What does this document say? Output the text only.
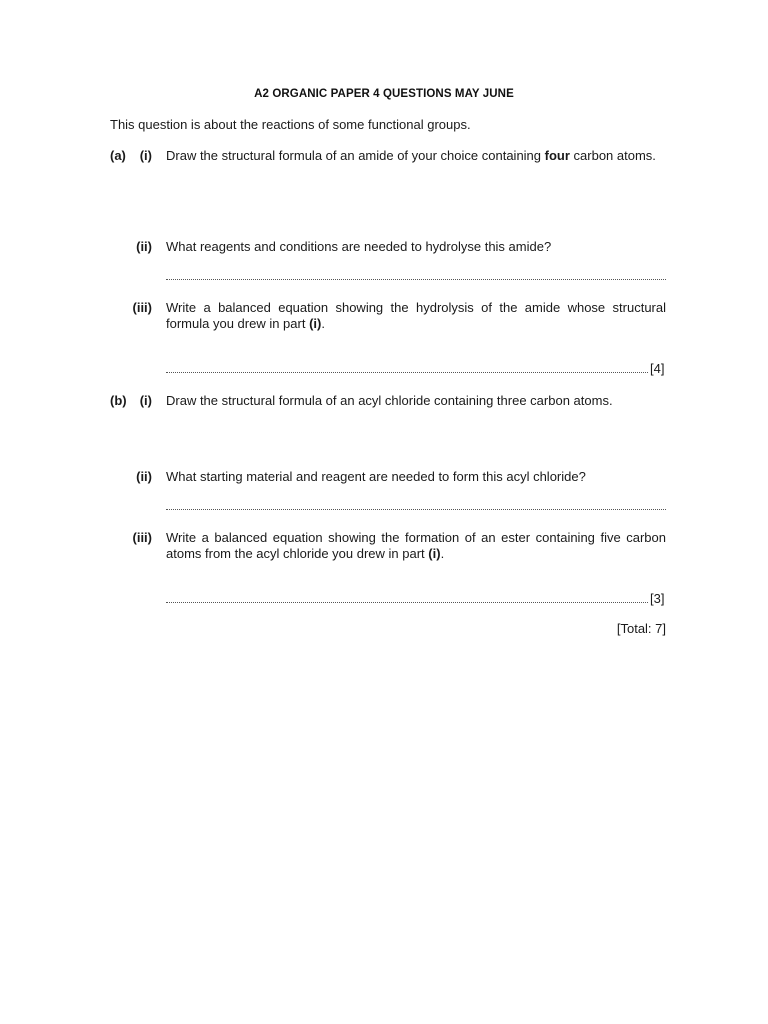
A2 ORGANIC PAPER 4 QUESTIONS MAY JUNE
This question is about the reactions of some functional groups.
(a)	(i) Draw the structural formula of an amide of your choice containing four carbon atoms.
(ii) What reagents and conditions are needed to hydrolyse this amide?
(iii) Write a balanced equation showing the hydrolysis of the amide whose structural formula you drew in part (i).
[4]
(b)	(i) Draw the structural formula of an acyl chloride containing three carbon atoms.
(ii) What starting material and reagent are needed to form this acyl chloride?
(iii) Write a balanced equation showing the formation of an ester containing five carbon atoms from the acyl chloride you drew in part (i).
[3]
[Total: 7]
